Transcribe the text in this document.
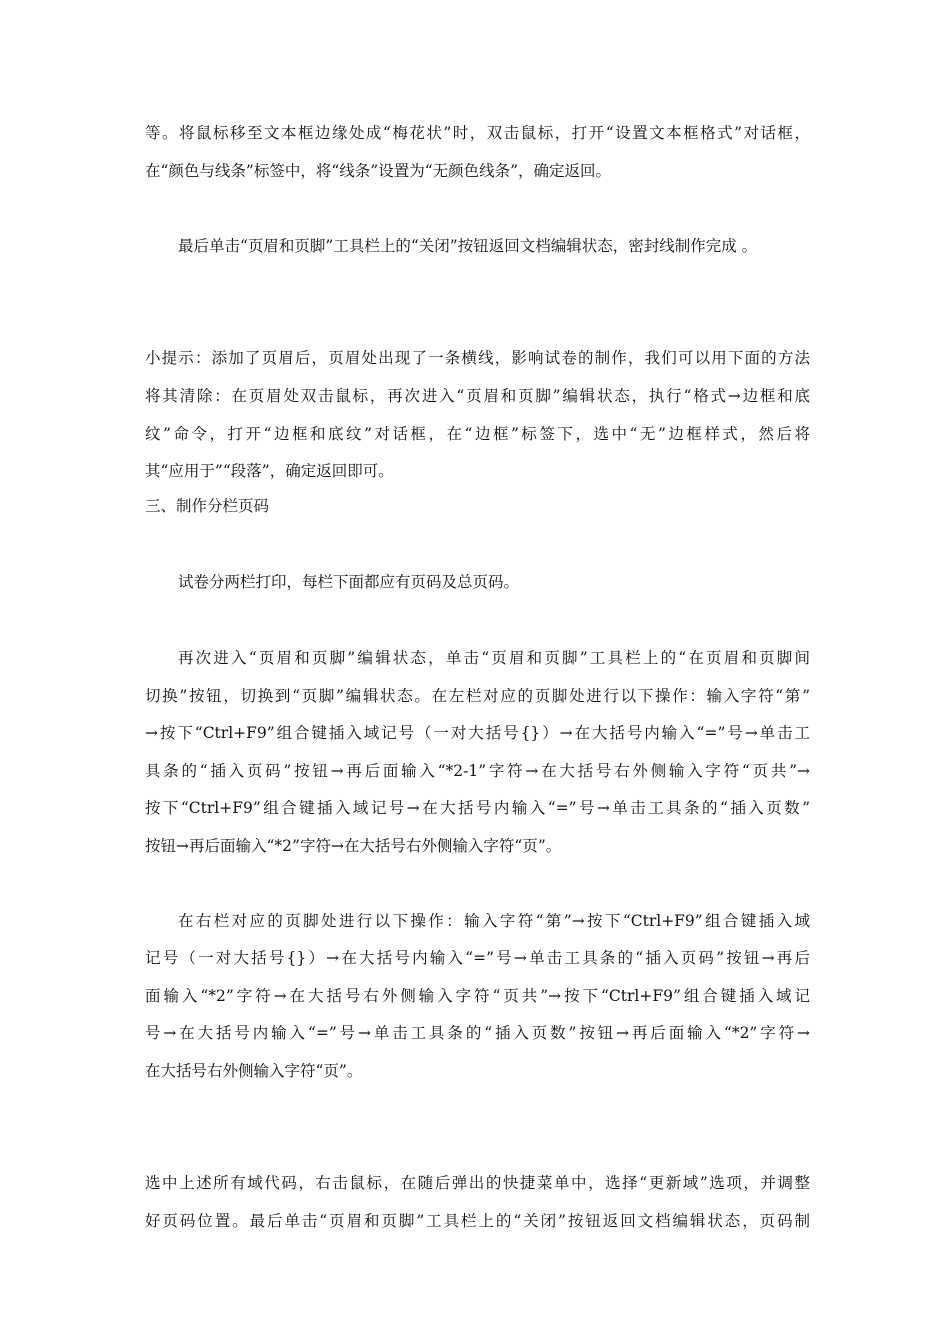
等。将鼠标移至文本框边缘处成“梅花状”时，双击鼠标，打开“设置文本框格式”对话框，
在“颜色与线条”标签中，将“线条”设置为“无颜色线条”，确定返回。
最后单击“页眉和页脚”工具栏上的“关闭”按钮返回文档编辑状态，密封线制作完成 。
小提示：添加了页眉后，页眉处出现了一条横线，影响试卷的制作，我们可以用下面的方法
将其清除：在页眉处双击鼠标，再次进入“页眉和页脚”编辑状态，执行“格式→边框和底
纹”命令，打开“边框和底纹”对话框，在“边框”标签下，选中“无”边框样式，然后将
其“应用于”“段落”，确定返回即可。
三、制作分栏页码
试卷分两栏打印，每栏下面都应有页码及总页码。
再次进入“页眉和页脚”编辑状态，单击“页眉和页脚”工具栏上的“在页眉和页脚间
切换”按钮，切换到“页脚”编辑状态。在左栏对应的页脚处进行以下操作：输入字符“第”
→按下“Ctrl+F9”组合键插入域记号（一对大括号{}）→在大括号内输入“=”号→单击工
具条的“插入页码”按钮→再后面输入“*2-1”字符→在大括号右外侧输入字符“页共”→
按下“Ctrl+F9”组合键插入域记号→在大括号内输入“=”号→单击工具条的“插入页数”
按钮→再后面输入“*2”字符→在大括号右外侧输入字符“页”。
在右栏对应的页脚处进行以下操作：输入字符“第”→按下“Ctrl+F9”组合键插入域
记号（一对大括号{}）→在大括号内输入“=”号→单击工具条的“插入页码”按钮→再后
面输入“*2”字符→在大括号右外侧输入字符“页共”→按下“Ctrl+F9”组合键插入域记
号→在大括号内输入“=”号→单击工具条的“插入页数”按钮→再后面输入“*2”字符→
在大括号右外侧输入字符“页”。
选中上述所有域代码，右击鼠标，在随后弹出的快捷菜单中，选择“更新域”选项，并调整
好页码位置。最后单击“页眉和页脚”工具栏上的“关闭”按钮返回文档编辑状态，页码制
